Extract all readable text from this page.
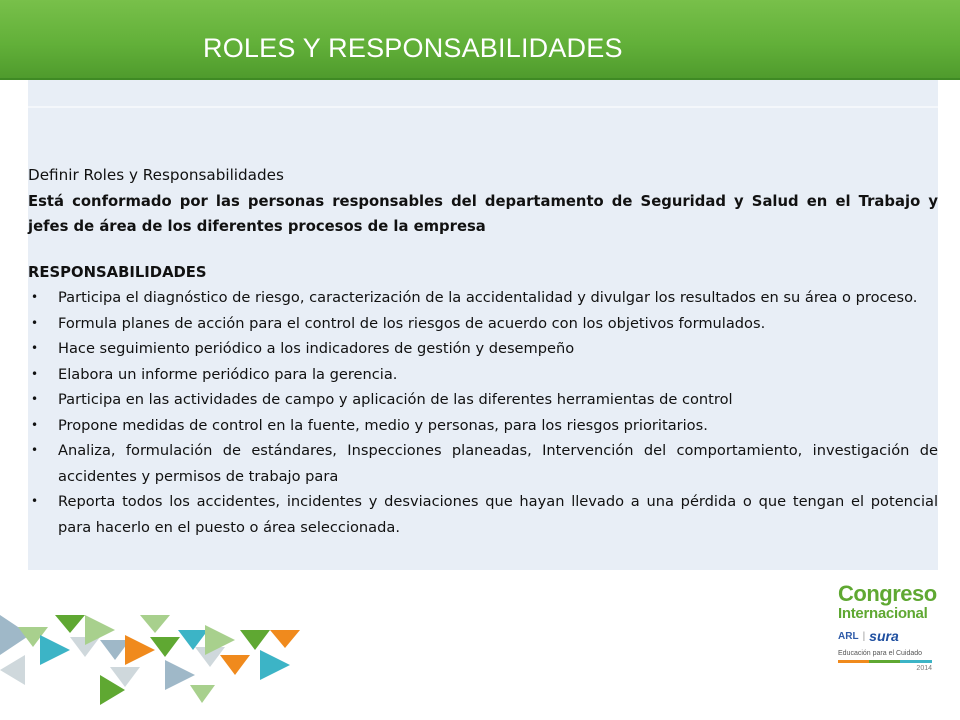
ROLES Y RESPONSABILIDADES

Definir Roles y Responsabilidades

Está conformado por las personas responsables del departamento de Seguridad y Salud en el Trabajo y jefes de área de los diferentes procesos de la empresa

RESPONSABILIDADES

• Participa el diagnóstico de riesgo, caracterización de la accidentalidad y divulgar los resultados en su área o proceso.
• Formula planes de acción para el control de los riesgos de acuerdo con los objetivos formulados.
• Hace seguimiento periódico a los indicadores de gestión y desempeño
• Elabora un informe periódico para la gerencia.
• Participa en las actividades de campo y aplicación de las diferentes herramientas de control
• Propone medidas de control en la fuente, medio y personas, para los riesgos prioritarios.
• Analiza, formulación de estándares, Inspecciones planeadas, Intervención del comportamiento, investigación de accidentes y permisos de trabajo para
• Reporta todos los accidentes, incidentes y desviaciones que hayan llevado a una pérdida o que tengan el potencial para hacerlo en el puesto o área seleccionada.
Congreso
Internacional
ARL | sura
Educación para el Cuidado
2014
